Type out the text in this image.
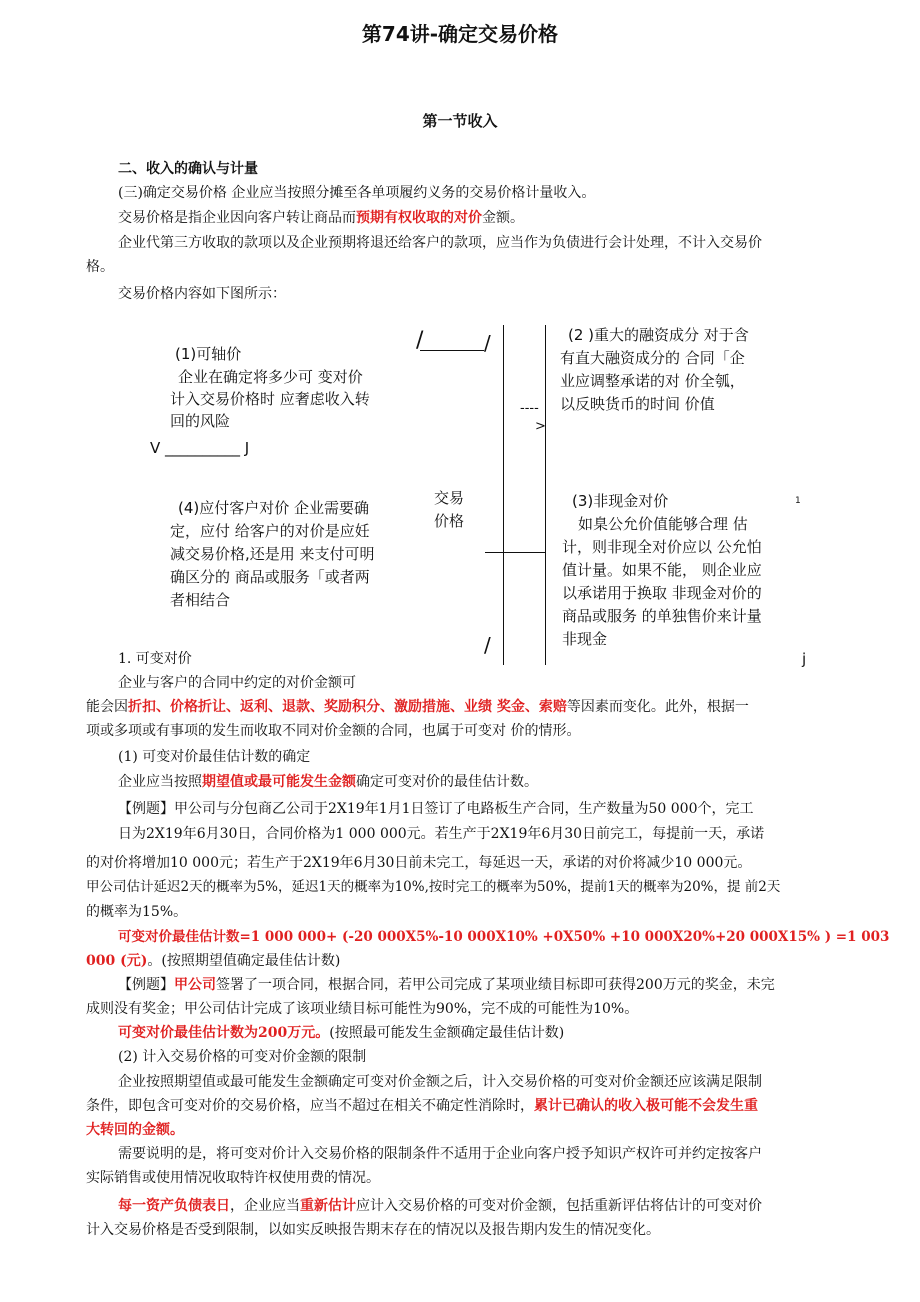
第74讲-确定交易价格
第一节收入
二、收入的确认与计量
(三)确定交易价格 企业应当按照分摊至各单项履约义务的交易价格计量收入。
交易价格是指企业因向客户转让商品而预期有权收取的对价金额。
企业代第三方收取的款项以及企业预期将退还给客户的款项，应当作为负债进行会计处理，不计入交易价
格。
交易价格内容如下图所示：
/	/
/
(1)可轴价
企业在确定将多少可 变对价
计入交易价格时 应奢虑收入转
回的风险
V __________ J
(4)应付客户对价 企业需要确
定，应付 给客户的对价是应妊
减交易价格,还是用 来支付可明
确区分的 商品或服务「或者两
者相结合
交易
价格
----
>
(2 )重大的融资成分 对于含
有直大融资成分的 合同「企
业应调整承诺的对 价全瓠，
以反映货币的时间 价值
1
(3)非现金对价
如臬公允价值能够合理 估
计，则非现全对价应以 公允怕
值计量。如果不能， 则企业应
以承诺用于换取 非现金对价的
商品或服务 的单独售价来计量
非现金
j
1. 可变对价
企业与客户的合同中约定的对价金额可
能会因折扣、价格折让、返利、退款、奖励积分、激励措施、业绩 奖金、索赔等因素而变化。此外，根据一
项或多项或有事项的发生而收取不同对价金额的合同，也属于可变对 价的情形。
(1) 可变对价最佳估计数的确定
企业应当按照期望值或最可能发生金额确定可变对价的最佳估计数。
【例题】甲公司与分包商乙公司于2X19年1月1日签订了电路板生产合同，生产数量为50 000个，完工
日为2X19年6月30日，合同价格为1 000 000元。若生产于2X19年6月30日前完工，每提前一天，承诺
的对价将增加10 000元；若生产于2X19年6月30日前未完工，每延迟一天，承诺的对价将减少10 000元。
甲公司估计延迟2天的概率为5%，延迟1天的概率为10%,按时完工的概率为50%，提前1天的概率为20%，提 前2天
的概率为15%。
可变对价最佳估计数=1 000 000+ (-20 000X5%-10 000X10% +0X50% +10 000X20%+20 000X15% ) =1 003
000 (元)。(按照期望值确定最佳估计数)
【例题】甲公司签署了一项合同，根据合同，若甲公司完成了某项业绩目标即可获得200万元的奖金，未完
成则没有奖金；甲公司估计完成了该项业绩目标可能性为90%，完不成的可能性为10%。
可变对价最佳估计数为200万元。(按照最可能发生金额确定最佳估计数)
(2) 计入交易价格的可变对价金额的限制
企业按照期望值或最可能发生金额确定可变对价金额之后，计入交易价格的可变对价金额还应该满足限制
条件，即包含可变对价的交易价格，应当不超过在相关不确定性消除时，累计已确认的收入极可能不会发生重
大转回的金额。
需要说明的是，将可变对价计入交易价格的限制条件不适用于企业向客户授予知识产权许可并约定按客户
实际销售或使用情况收取特许权使用费的情况。
每一资产负债表日，企业应当重新估计应计入交易价格的可变对价金额，包括重新评估将估计的可变对价
计入交易价格是否受到限制，以如实反映报告期末存在的情况以及报告期内发生的情况变化。
